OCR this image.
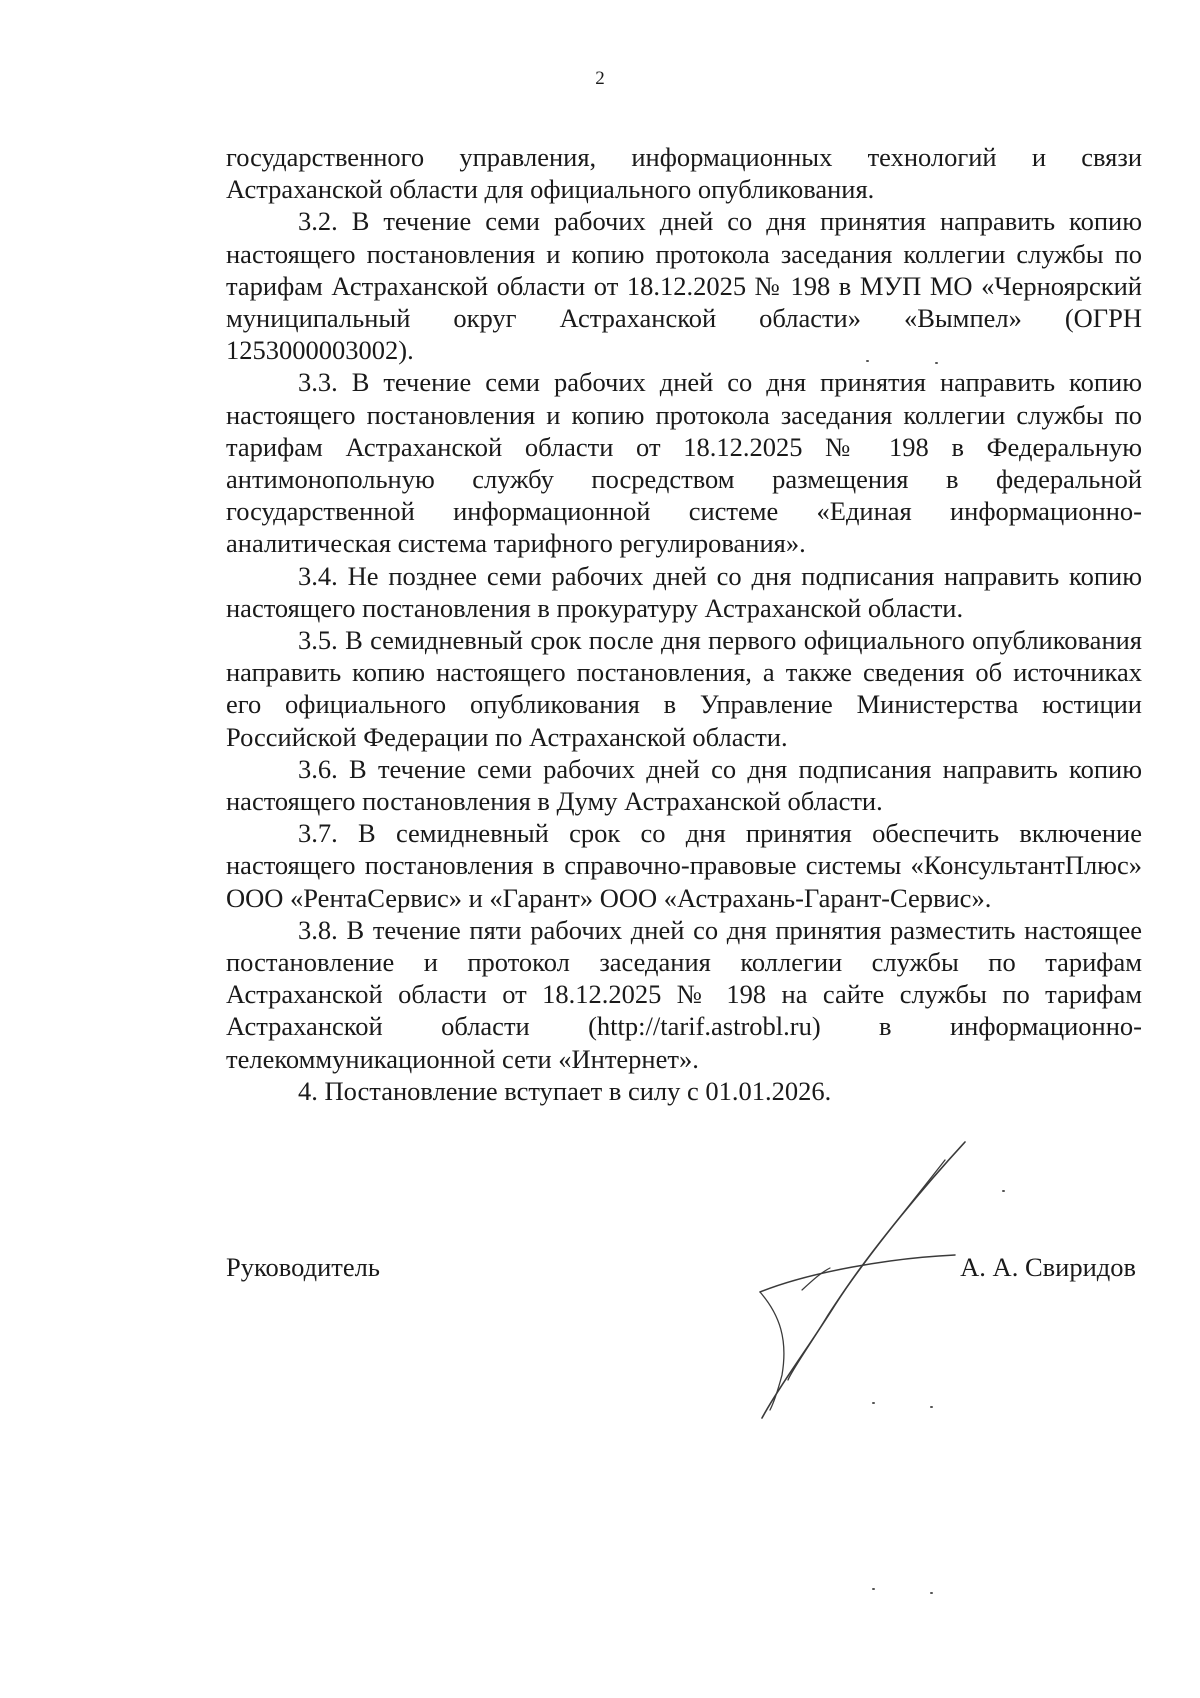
2

государственного управления, информационных технологий и связи Астраханской области для официального опубликования.

3.2. В течение семи рабочих дней со дня принятия направить копию настоящего постановления и копию протокола заседания коллегии службы по тарифам Астраханской области от 18.12.2025 № 198 в МУП МО «Черноярский муниципальный округ Астраханской области» «Вымпел» (ОГРН 1253000003002).

3.3. В течение семи рабочих дней со дня принятия направить копию настоящего постановления и копию протокола заседания коллегии службы по тарифам Астраханской области от 18.12.2025 № 198 в Федеральную антимонопольную службу посредством размещения в федеральной государственной информационной системе «Единая информационно-аналитическая система тарифного регулирования».

3.4. Не позднее семи рабочих дней со дня подписания направить копию настоящего постановления в прокуратуру Астраханской области.

3.5. В семидневный срок после дня первого официального опубликования направить копию настоящего постановления, а также сведения об источниках его официального опубликования в Управление Министерства юстиции Российской Федерации по Астраханской области.

3.6. В течение семи рабочих дней со дня подписания направить копию настоящего постановления в Думу Астраханской области.

3.7. В семидневный срок со дня принятия обеспечить включение настоящего постановления в справочно-правовые системы «КонсультантПлюс» ООО «РентаСервис» и «Гарант» ООО «Астрахань-Гарант-Сервис».

3.8. В течение пяти рабочих дней со дня принятия разместить настоящее постановление и протокол заседания коллегии службы по тарифам Астраханской области от 18.12.2025 № 198 на сайте службы по тарифам Астраханской области (http://tarif.astrobl.ru) в информационно-телекоммуникационной сети «Интернет».

4. Постановление вступает в силу с 01.01.2026.

Руководитель	А. А. Свиридов
